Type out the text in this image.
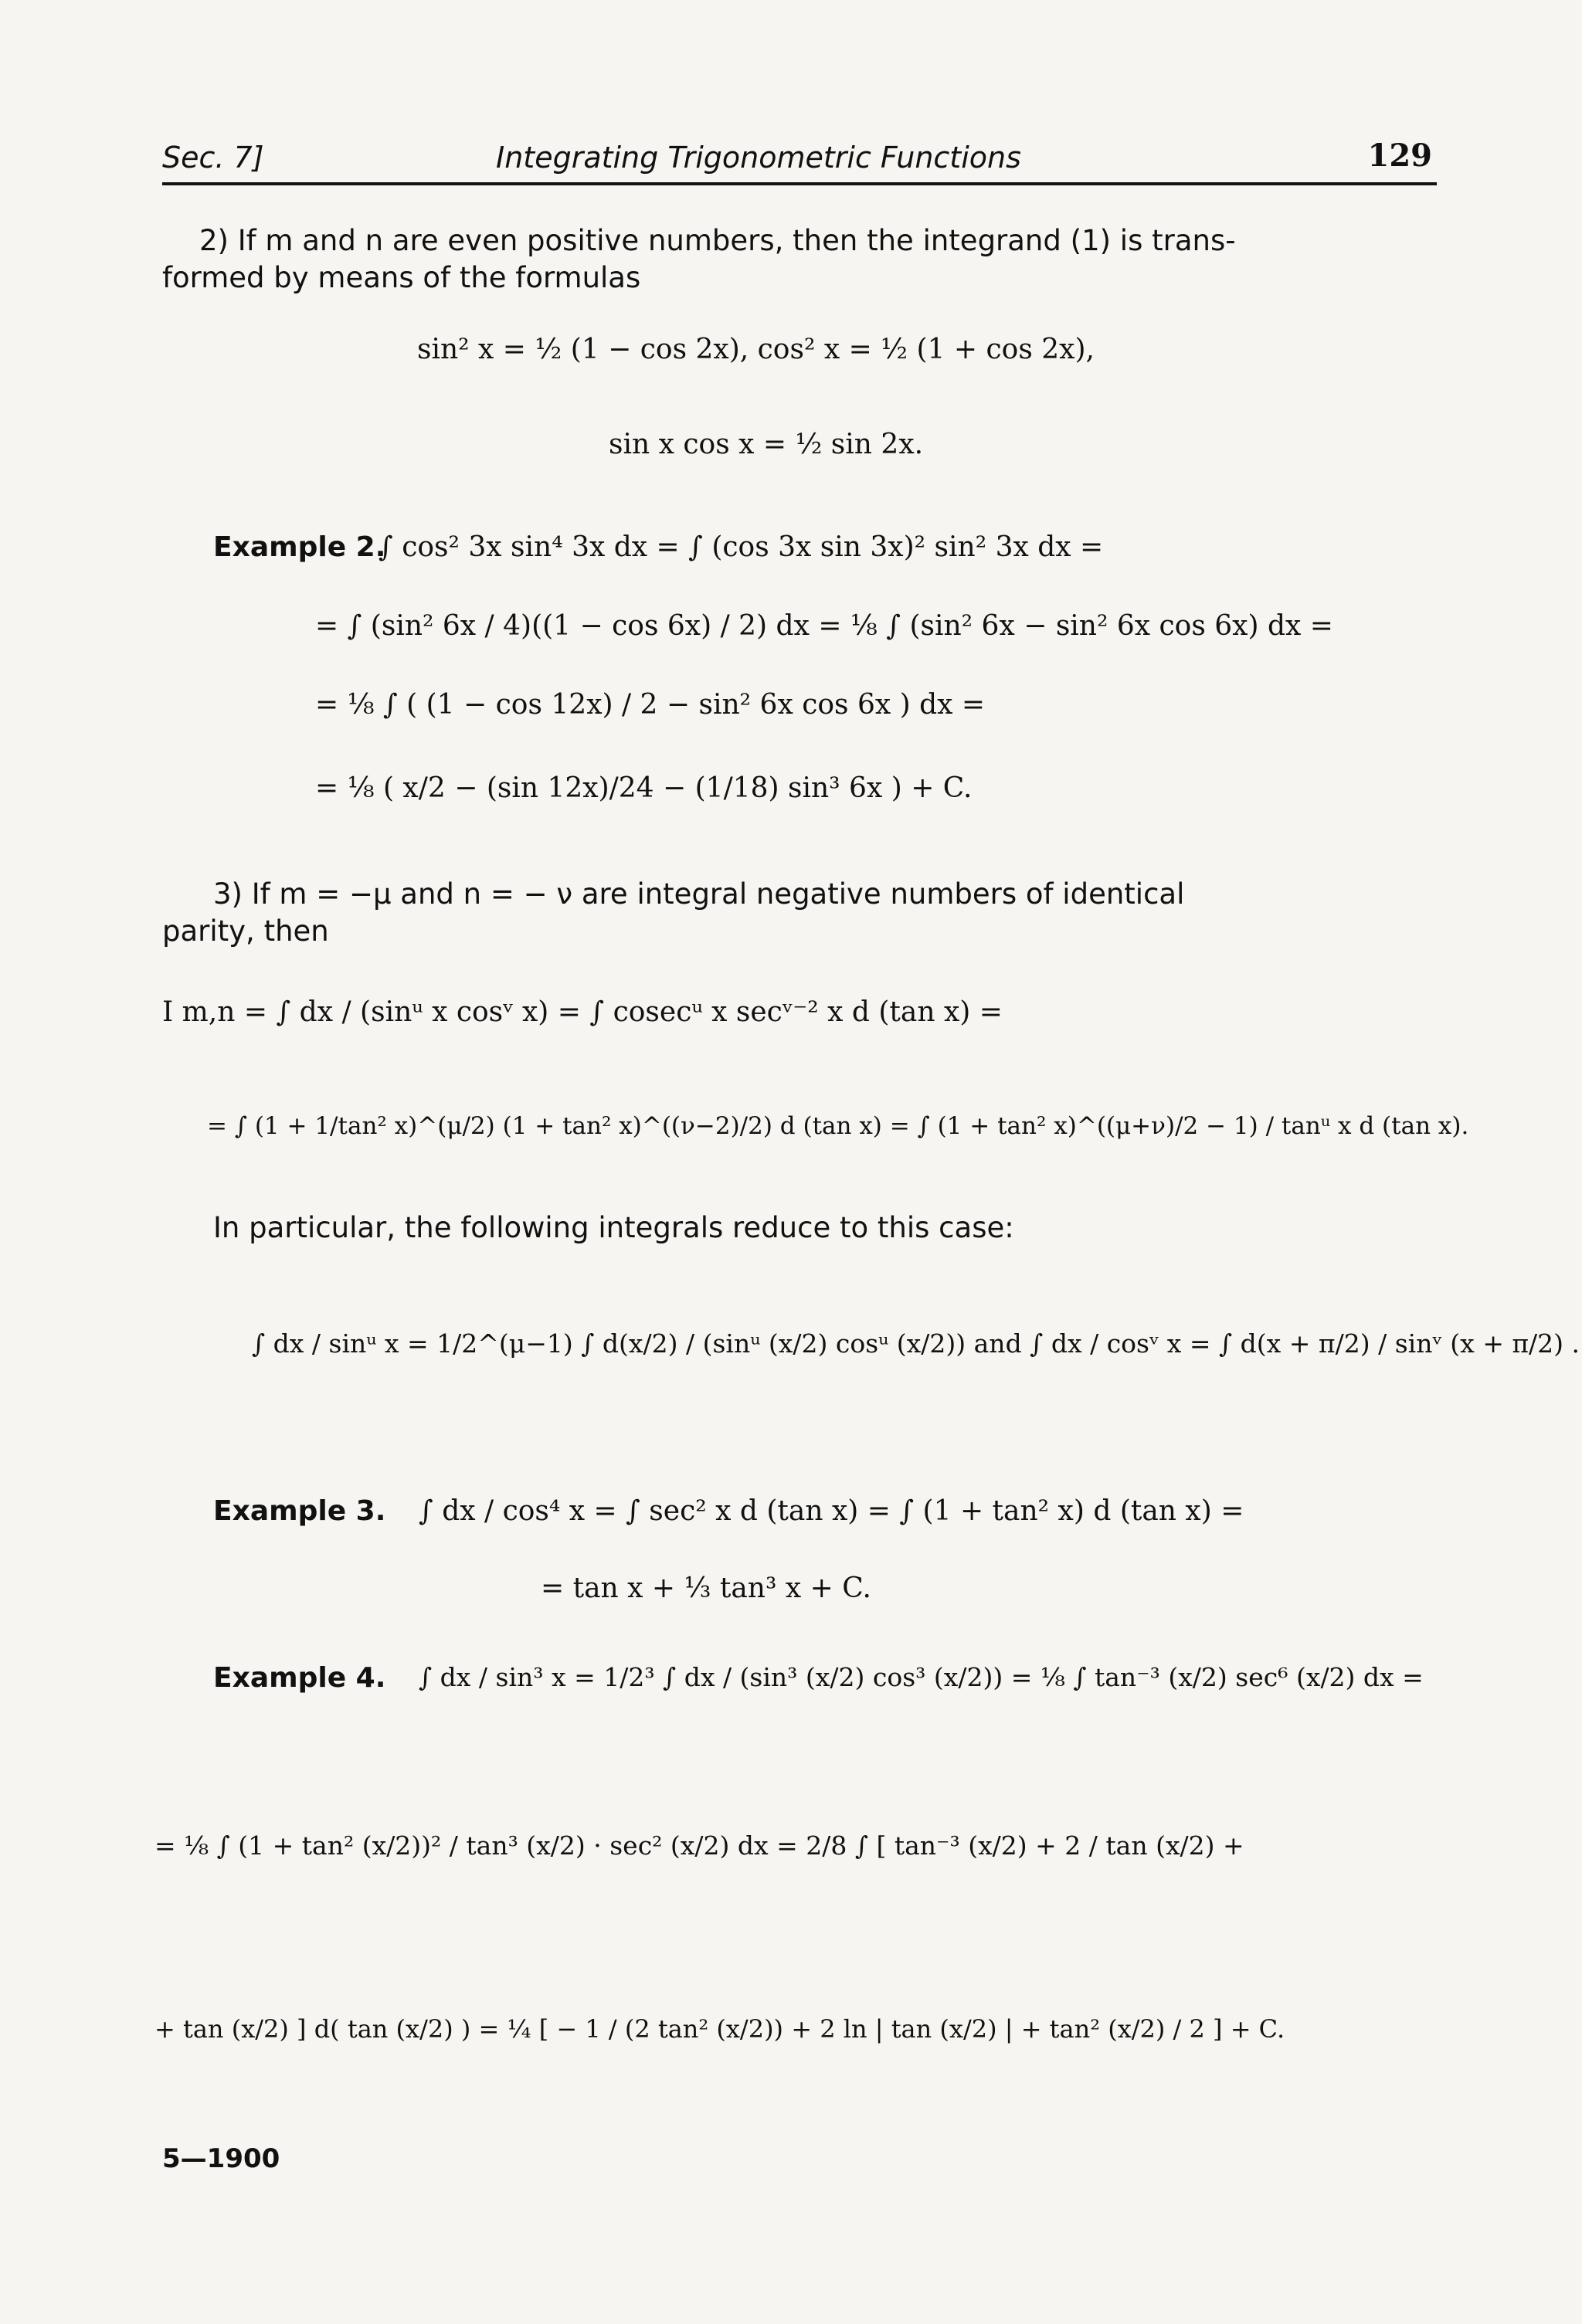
Sec. 7]	Integrating Trigonometric Functions	129
2) If m and n are even positive numbers, then the integrand (1) is trans-
formed by means of the formulas
sin² x = ½ (1 − cos 2x), cos² x = ½ (1 + cos 2x),
sin x cos x = ½ sin 2x.
Example 2.
∫ cos² 3x sin⁴ 3x dx = ∫ (cos 3x sin 3x)² sin² 3x dx =
= ∫ (sin² 6x / 4)((1 − cos 6x) / 2) dx = ⅛ ∫ (sin² 6x − sin² 6x cos 6x) dx =
= ⅛ ∫ ( (1 − cos 12x) / 2 − sin² 6x cos 6x ) dx =
= ⅛ ( x/2 − (sin 12x)/24 − (1/18) sin³ 6x ) + C.
3) If m = −μ and n = − ν are integral negative numbers of identical
parity, then
I m,n = ∫ dx / (sinᵘ x cosᵛ x) = ∫ cosecᵘ x secᵛ⁻² x d (tan x) =
= ∫ (1 + 1/tan² x)^(μ/2) (1 + tan² x)^((ν−2)/2) d (tan x) = ∫ (1 + tan² x)^((μ+ν)/2 − 1) / tanᵘ x d (tan x).
In particular, the following integrals reduce to this case:
∫ dx / sinᵘ x = 1/2^(μ−1) ∫ d(x/2) / (sinᵘ (x/2) cosᵘ (x/2)) and ∫ dx / cosᵛ x = ∫ d(x + π/2) / sinᵛ (x + π/2) .
Example 3. ∫ dx / cos⁴ x = ∫ sec² x d (tan x) = ∫ (1 + tan² x) d (tan x) =
= tan x + ⅓ tan³ x + C.
Example 4. ∫ dx / sin³ x = 1/2³ ∫ dx / (sin³ (x/2) cos³ (x/2)) = ⅛ ∫ tan⁻³ (x/2) sec⁶ (x/2) dx =
= ⅛ ∫ (1 + tan² (x/2))² / tan³ (x/2) · sec² (x/2) dx = 2/8 ∫ [ tan⁻³ (x/2) + 2 / tan (x/2) +
+ tan (x/2) ] d( tan (x/2) ) = ¼ [ − 1 / (2 tan² (x/2)) + 2 ln | tan (x/2) | + tan² (x/2) / 2 ] + C.
5—1900
